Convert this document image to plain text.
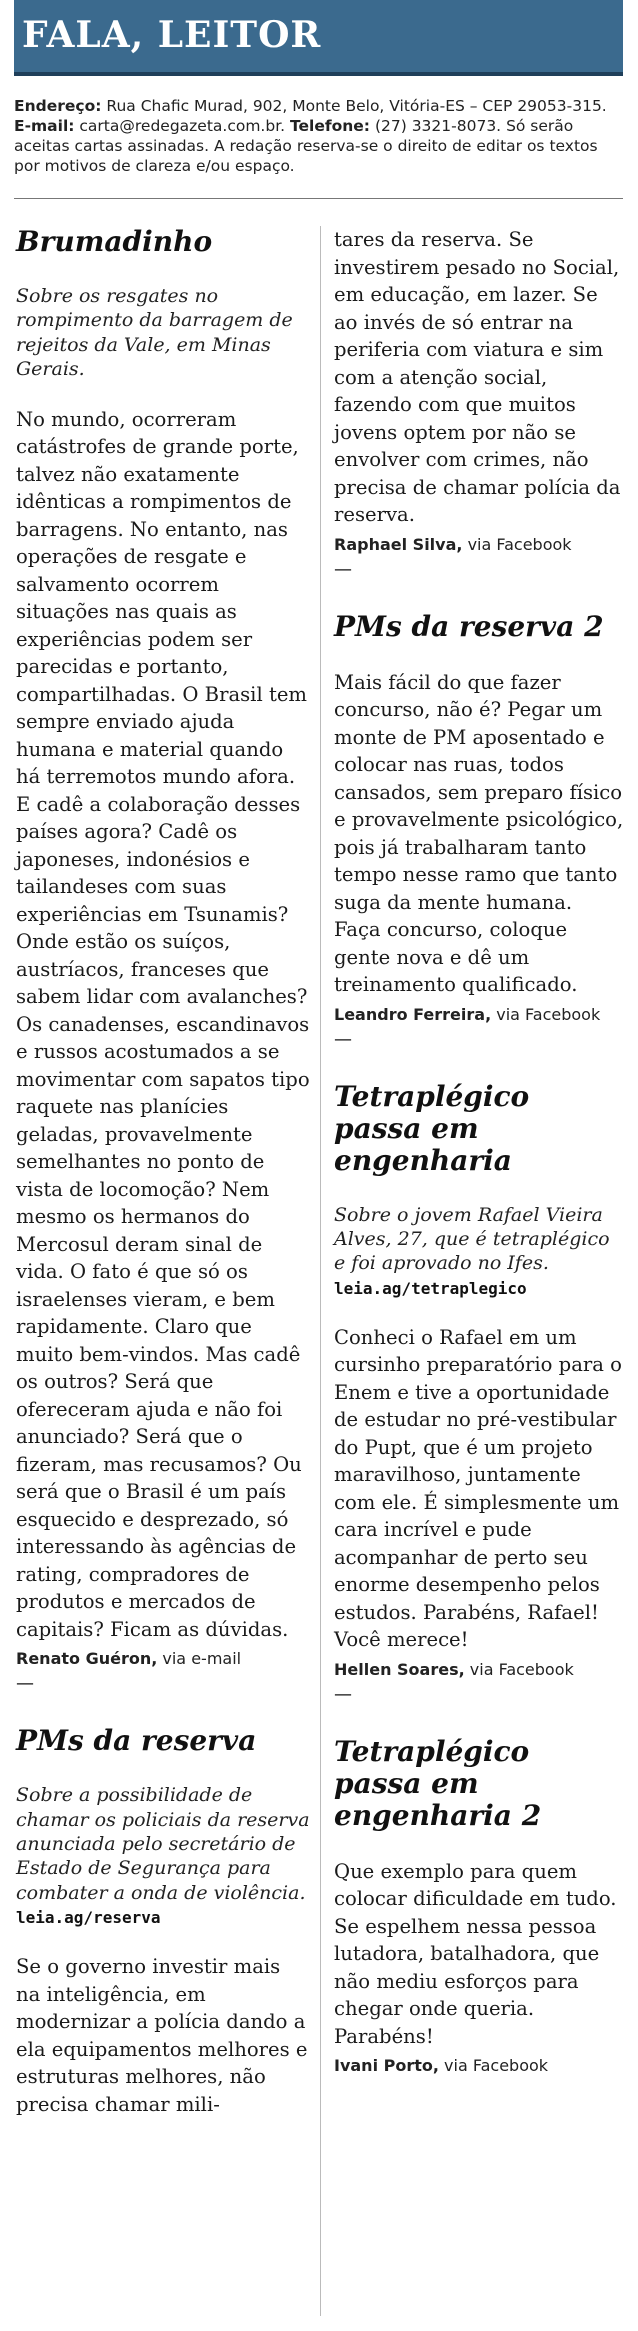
FALA, LEITOR
Endereço: Rua Chafic Murad, 902, Monte Belo, Vitória-ES – CEP 29053-315.
E-mail: carta@redegazeta.com.br. Telefone: (27) 3321-8073. Só serão
aceitas cartas assinadas. A redação reserva-se o direito de editar os textos
por motivos de clareza e/ou espaço.
Brumadinho
Sobre os resgates no rompimento da barragem de rejeitos da Vale, em Minas Gerais.
No mundo, ocorreram catástrofes de grande porte, talvez não exatamente idênticas a rompimentos de barragens. No entanto, nas operações de resgate e salvamento ocorrem situações nas quais as experiências podem ser parecidas e portanto, compartilhadas. O Brasil tem sempre enviado ajuda humana e material quando há terremotos mundo afora. E cadê a colaboração desses países agora? Cadê os japoneses, indonésios e tailandeses com suas experiências em Tsunamis? Onde estão os suíços, austríacos, franceses que sabem lidar com avalanches? Os canadenses, escandinavos e russos acostumados a se movimentar com sapatos tipo raquete nas planícies geladas, provavelmente semelhantes no ponto de vista de locomoção? Nem mesmo os hermanos do Mercosul deram sinal de vida. O fato é que só os israelenses vieram, e bem rapidamente. Claro que muito bem-vindos. Mas cadê os outros? Será que ofereceram ajuda e não foi anunciado? Será que o fizeram, mas recusamos? Ou será que o Brasil é um país esquecido e desprezado, só interessando às agências de rating, compradores de produtos e mercados de capitais? Ficam as dúvidas.
Renato Guéron, via e-mail
—
PMs da reserva
Sobre a possibilidade de chamar os policiais da reserva anunciada pelo secretário de Estado de Segurança para combater a onda de violência.
leia.ag/reserva
Se o governo investir mais na inteligência, em modernizar a polícia dando a ela equipamentos melhores e estruturas melhores, não precisa chamar mili-
tares da reserva. Se investirem pesado no Social, em educação, em lazer. Se ao invés de só entrar na periferia com viatura e sim com a atenção social, fazendo com que muitos jovens optem por não se envolver com crimes, não precisa de chamar polícia da reserva.
Raphael Silva, via Facebook
—
PMs da reserva 2
Mais fácil do que fazer concurso, não é? Pegar um monte de PM aposentado e colocar nas ruas, todos cansados, sem preparo físico e provavelmente psicológico, pois já trabalharam tanto tempo nesse ramo que tanto suga da mente humana. Faça concurso, coloque gente nova e dê um treinamento qualificado.
Leandro Ferreira, via Facebook
—
Tetraplégico passa em engenharia
Sobre o jovem Rafael Vieira Alves, 27, que é tetraplégico e foi aprovado no Ifes.
leia.ag/tetraplegico
Conheci o Rafael em um cursinho preparatório para o Enem e tive a oportunidade de estudar no pré-vestibular do Pupt, que é um projeto maravilhoso, juntamente com ele. É simplesmente um cara incrível e pude acompanhar de perto seu enorme desempenho pelos estudos. Parabéns, Rafael! Você merece!
Hellen Soares, via Facebook
—
Tetraplégico passa em engenharia 2
Que exemplo para quem colocar dificuldade em tudo. Se espelhem nessa pessoa lutadora, batalhadora, que não mediu esforços para chegar onde queria. Parabéns!
Ivani Porto, via Facebook
